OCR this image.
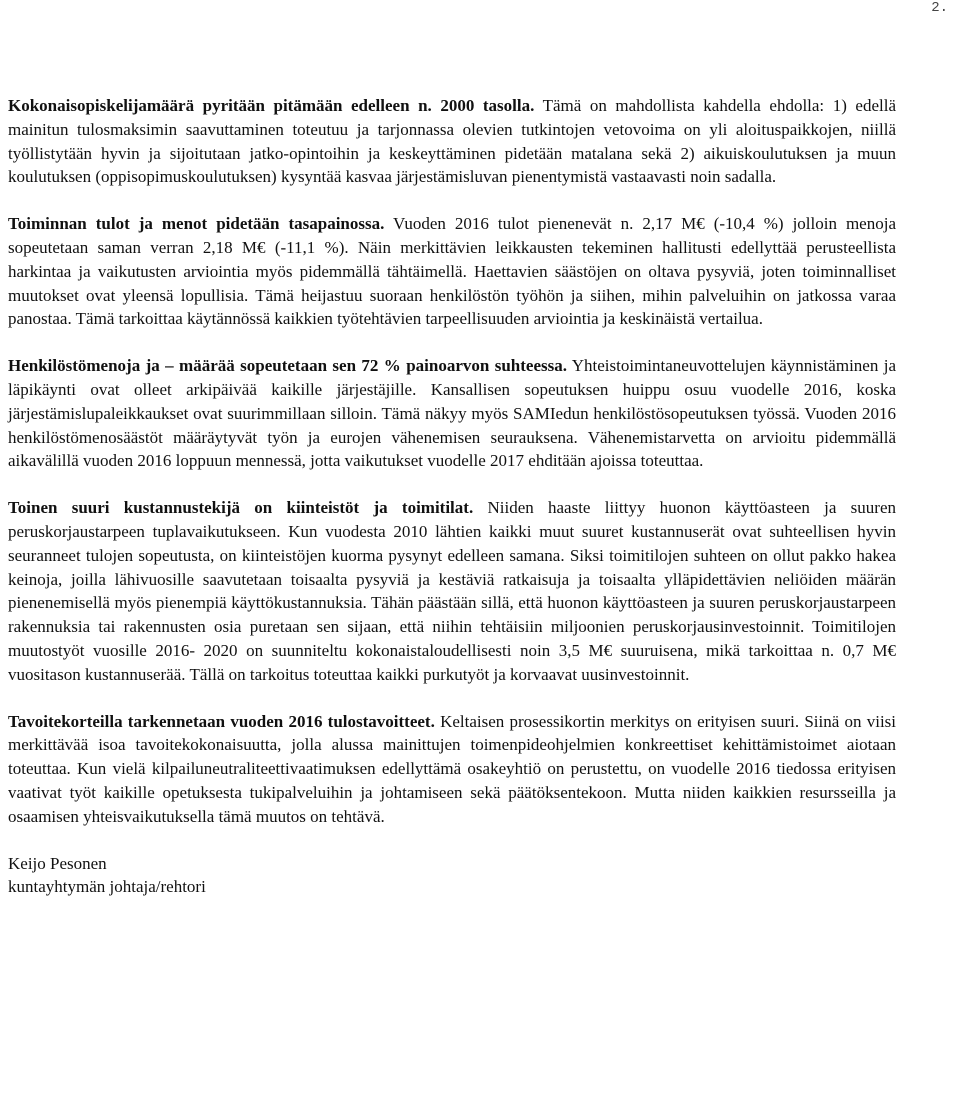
2.

Kokonaisopiskelijamäärä pyritään pitämään edelleen n. 2000 tasolla. Tämä on mahdollista kahdella ehdolla: 1) edellä mainitun tulosmaksimin saavuttaminen toteutuu ja tarjonnassa olevien tutkintojen vetovoima on yli aloituspaikkojen, niillä työllistytään hyvin ja sijoitutaan jatko-opintoihin ja keskeyttäminen pidetään matalana sekä 2) aikuiskoulutuksen ja muun koulutuksen (oppisopimuskoulutuksen) kysyntää kasvaa järjestämisluvan pienentymistä vastaavasti noin sadalla.

Toiminnan tulot ja menot pidetään tasapainossa. Vuoden 2016 tulot pienenevät n. 2,17 M€ (-10,4 %) jolloin menoja sopeutetaan saman verran 2,18 M€ (-11,1 %). Näin merkittävien leikkausten tekeminen hallitusti edellyttää perusteellista harkintaa ja vaikutusten arviointia myös pidemmällä tähtäimellä. Haettavien säästöjen on oltava pysyviä, joten toiminnalliset muutokset ovat yleensä lopullisia. Tämä heijastuu suoraan henkilöstön työhön ja siihen, mihin palveluihin on jatkossa varaa panostaa. Tämä tarkoittaa käytännössä kaikkien työtehtävien tarpeellisuuden arviointia ja keskinäistä vertailua.

Henkilöstömenoja ja – määrää sopeutetaan sen 72 % painoarvon suhteessa. Yhteistoimintaneuvottelujen käynnistäminen ja läpikäynti ovat olleet arkipäivää kaikille järjestäjille. Kansallisen sopeutuksen huippu osuu vuodelle 2016, koska järjestämislupaleikkaukset ovat suurimmillaan silloin. Tämä näkyy myös SAMIedun henkilöstösopeutuksen työssä. Vuoden 2016 henkilöstömenosäästöt määräytyvät työn ja eurojen vähenemisen seurauksena. Vähenemistarvetta on arvioitu pidemmällä aikavälillä vuoden 2016 loppuun mennessä, jotta vaikutukset vuodelle 2017 ehditään ajoissa toteuttaa.

Toinen suuri kustannustekijä on kiinteistöt ja toimitilat. Niiden haaste liittyy huonon käyttöasteen ja suuren peruskorjaustarpeen tuplavaikutukseen. Kun vuodesta 2010 lähtien kaikki muut suuret kustannuserät ovat suhteellisen hyvin seuranneet tulojen sopeutusta, on kiinteistöjen kuorma pysynyt edelleen samana. Siksi toimitilojen suhteen on ollut pakko hakea keinoja, joilla lähivuosille saavutetaan toisaalta pysyviä ja kestäviä ratkaisuja ja toisaalta ylläpidettävien neliöiden määrän pienenemisellä myös pienempiä käyttökustannuksia. Tähän päästään sillä, että huonon käyttöasteen ja suuren peruskorjaustarpeen rakennuksia tai rakennusten osia puretaan sen sijaan, että niihin tehtäisiin miljoonien peruskorjausinvestoinnit. Toimitilojen muutostyöt vuosille 2016- 2020 on suunniteltu kokonaistaloudellisesti noin 3,5 M€ suuruisena, mikä tarkoittaa n. 0,7 M€ vuositason kustannuserää. Tällä on tarkoitus toteuttaa kaikki purkutyöt ja korvaavat uusinvestoinnit.

Tavoitekorteilla tarkennetaan vuoden 2016 tulostavoitteet. Keltaisen prosessikortin merkitys on erityisen suuri. Siinä on viisi merkittävää isoa tavoitekokonaisuutta, jolla alussa mainittujen toimenpideohjelmien konkreettiset kehittämistoimet aiotaan toteuttaa. Kun vielä kilpailuneutraliteettivaatimuksen edellyttämä osakeyhtiö on perustettu, on vuodelle 2016 tiedossa erityisen vaativat työt kaikille opetuksesta tukipalveluihin ja johtamiseen sekä päätöksentekoon. Mutta niiden kaikkien resursseilla ja osaamisen yhteisvaikutuksella tämä muutos on tehtävä.

Keijo Pesonen
kuntayhtymän johtaja/rehtori
